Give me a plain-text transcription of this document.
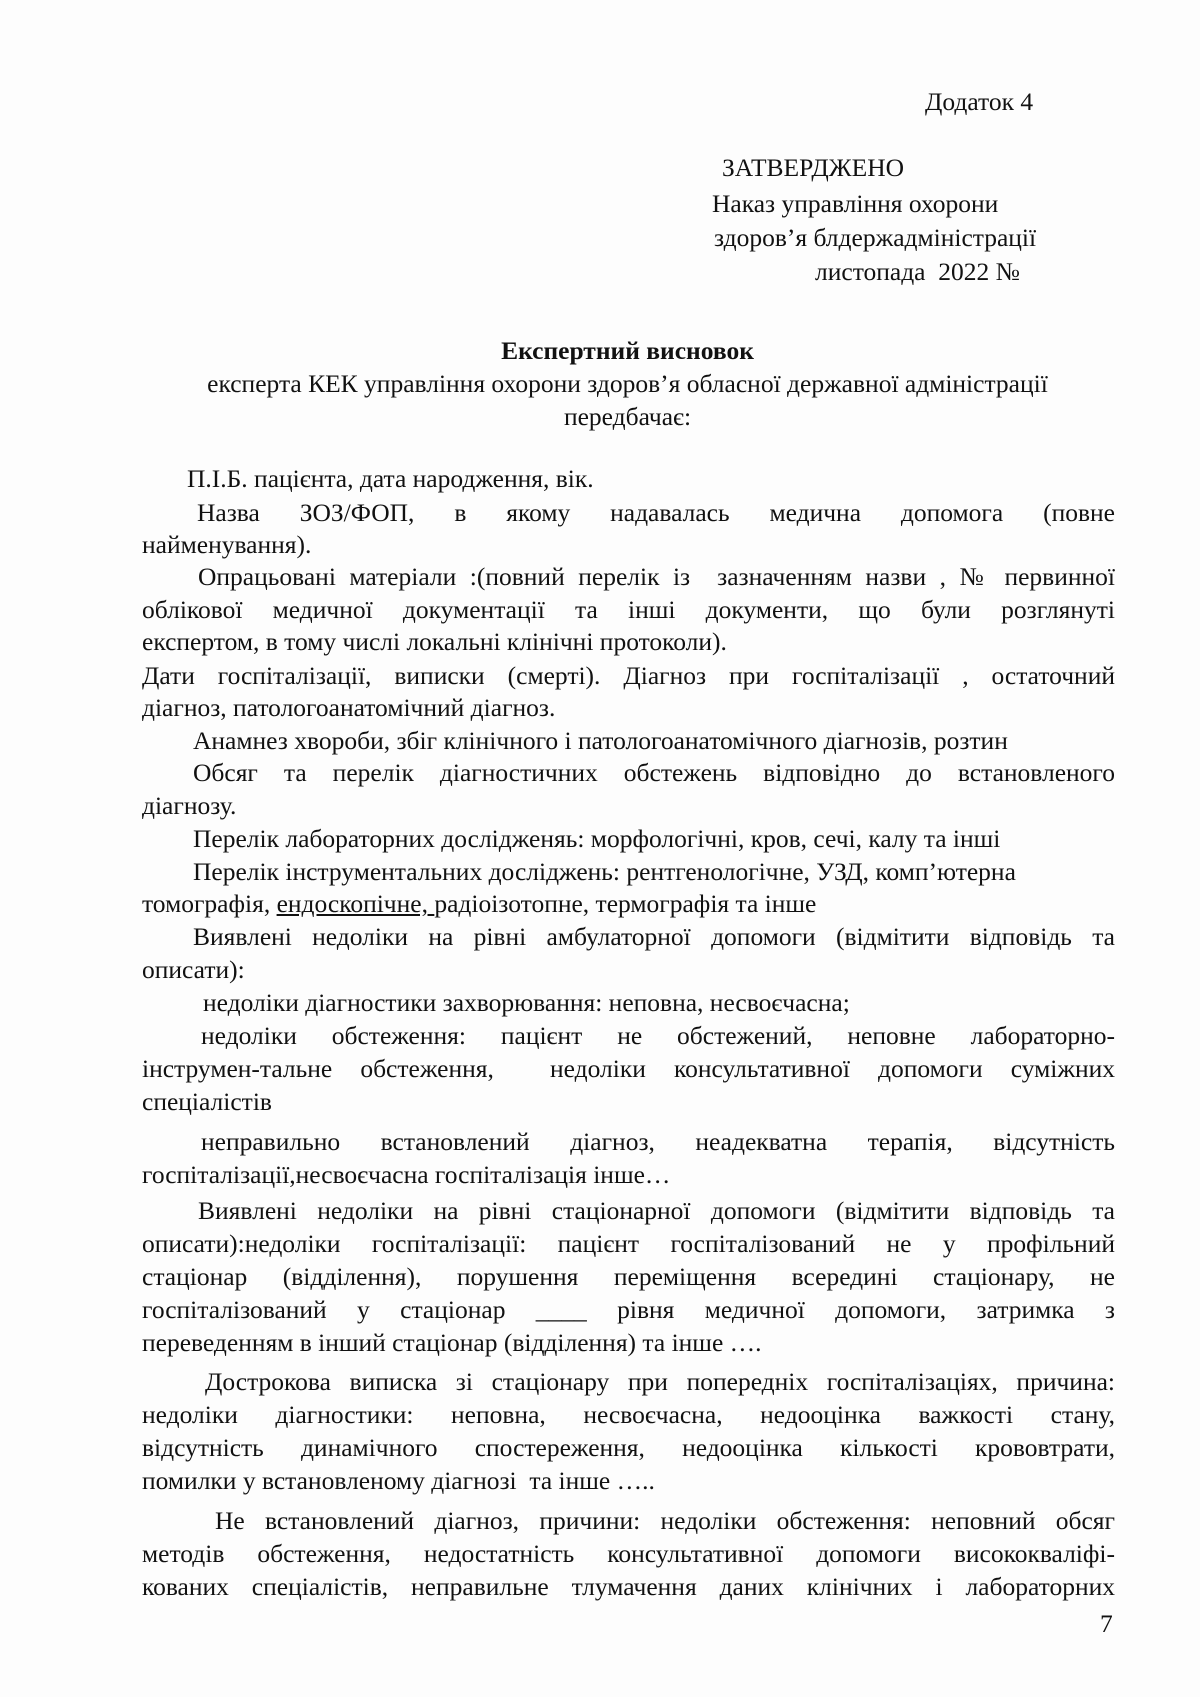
Додаток 4
ЗАТВЕРДЖЕНО
Наказ управління охорони
здоров’я блдержадміністрації
листопада  2022 №
Експертний висновок
експерта КЕК управління охорони здоров’я обласної державної адміністрації
передбачає:
П.І.Б. пацієнта, дата народження, вік.
Назва ЗОЗ/ФОП, в якому надавалась медична допомога (повне
найменування).
Опрацьовані матеріали :(повний перелік із  зазначенням назви , № первинної
облікової медичної документації та інші документи, що були розглянуті
експертом, в тому числі локальні клінічні протоколи).
Дати госпіталізації, виписки (смерті). Діагноз при госпіталізації , остаточний
діагноз, патологоанатомічний діагноз.
Анамнез хвороби, збіг клінічного і патологоанатомічного діагнозів, розтин
Обсяг та перелік діагностичних обстежень відповідно до встановленого
діагнозу.
Перелік лабораторних дослідженяь: морфологічні, кров, сечі, калу та інші
Перелік інструментальних досліджень: рентгенологічне, УЗД, комп’ютерна
томографія, ендоскопічне, радіоізотопне, термографія та інше
Виявлені недоліки на рівні амбулаторної допомоги (відмітити відповідь та
описати):
недоліки діагностики захворювання: неповна, несвоєчасна;
недоліки обстеження: пацієнт не обстежений, неповне лабораторно-
інструмен-тальне обстеження,  недоліки консультативної допомоги суміжних
спеціалістів
неправильно встановлений діагноз, неадекватна терапія, відсутність
госпіталізації,несвоєчасна госпіталізація інше…
Виявлені недоліки на рівні стаціонарної допомоги (відмітити відповідь та
описати):недоліки госпіталізації: пацієнт госпіталізований не у профільний
стаціонар (відділення), порушення переміщення всередині стаціонару, не
госпіталізований у стаціонар ____ рівня медичної допомоги, затримка з
переведенням в інший стаціонар (відділення) та інше ….
Дострокова виписка зі стаціонару при попередніх госпіталізаціях, причина:
недоліки діагностики: неповна, несвоєчасна, недооцінка важкості стану,
відсутність динамічного спостереження, недооцінка кількості крововтрати,
помилки у встановленому діагнозі  та інше …..
Не встановлений діагноз, причини: недоліки обстеження: неповний обсяг
методів обстеження, недостатність консультативної допомоги висококваліфі-
кованих спеціалістів, неправильне тлумачення даних клінічних і лабораторних
7
